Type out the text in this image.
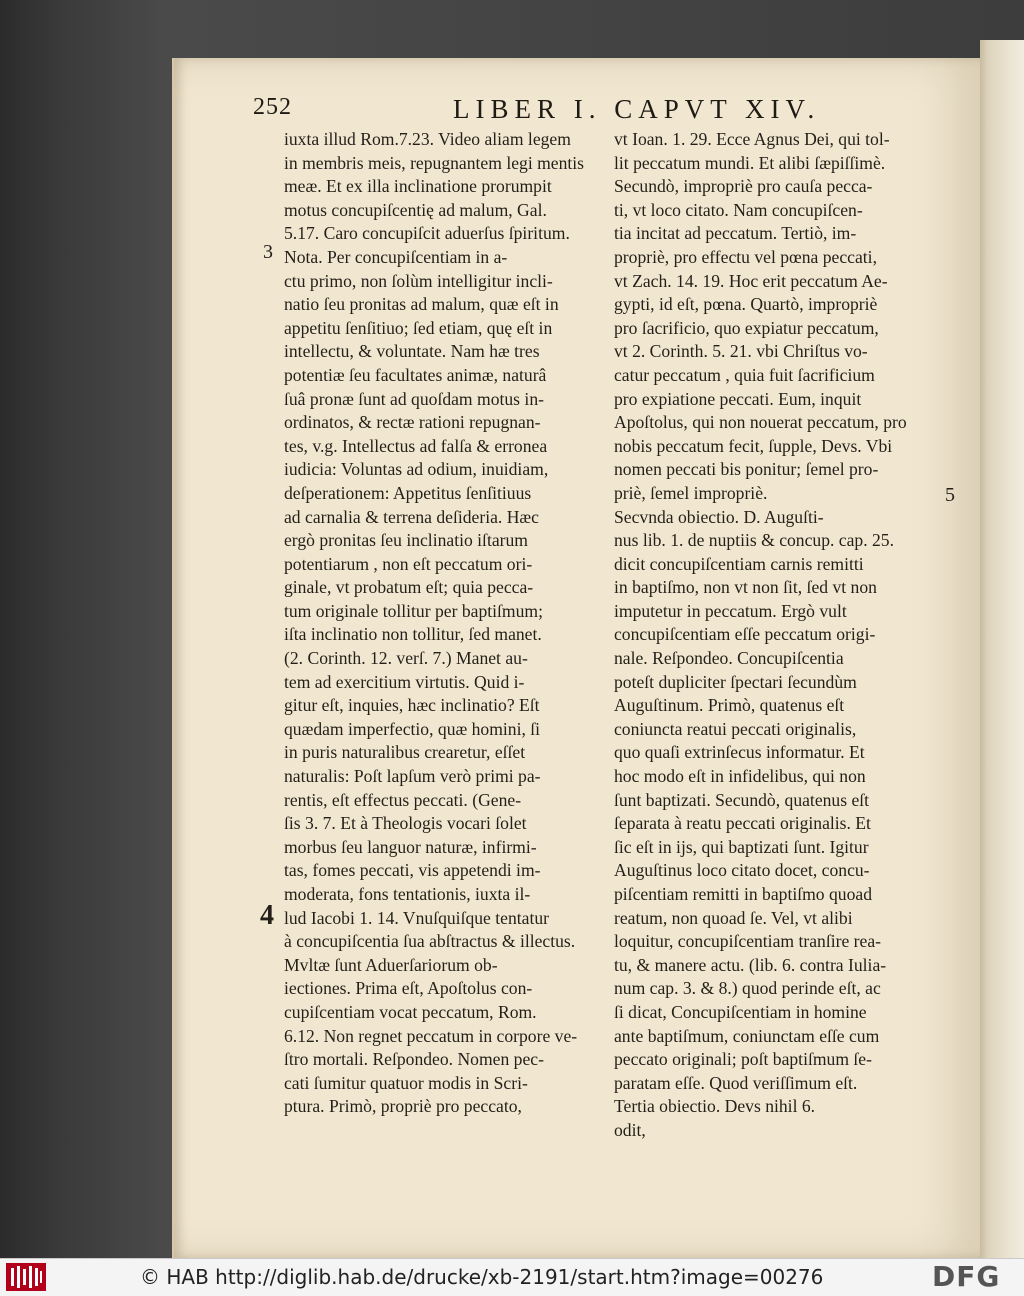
252	LIBER I. CAPVT XIV.
3
4
5
iuxta illud Rom.7.23. Video aliam legem
in membris meis, repugnantem legi mentis
meæ. Et ex illa inclinatione prorumpit
motus concupiſcentię ad malum, Gal.
5.17. Caro concupiſcit aduerſus ſpiritum.
Nota. Per concupiſcentiam in a-
ctu primo, non ſolùm intelligitur incli-
natio ſeu pronitas ad malum, quæ eſt in
appetitu ſenſitiuo; ſed etiam, quę eſt in
intellectu, & voluntate. Nam hæ tres
potentiæ ſeu facultates animæ, naturâ
ſuâ pronæ ſunt ad quoſdam motus in-
ordinatos, & rectæ rationi repugnan-
tes, v.g. Intellectus ad falſa & erronea
iudicia: Voluntas ad odium, inuidiam,
deſperationem: Appetitus ſenſitiuus
ad carnalia & terrena deſideria. Hæc
ergò pronitas ſeu inclinatio iſtarum
potentiarum , non eſt peccatum ori-
ginale, vt probatum eſt; quia pecca-
tum originale tollitur per baptiſmum;
iſta inclinatio non tollitur, ſed manet.
(2. Corinth. 12. verſ. 7.) Manet au-
tem ad exercitium virtutis. Quid i-
gitur eſt, inquies, hæc inclinatio? Eſt
quædam imperfectio, quæ homini, ſi
in puris naturalibus crearetur, eſſet
naturalis: Poſt lapſum verò primi pa-
rentis, eſt effectus peccati. (Gene-
ſis 3. 7. Et à Theologis vocari ſolet
morbus ſeu languor naturæ, infirmi-
tas, fomes peccati, vis appetendi im-
moderata, fons tentationis, iuxta il-
lud Iacobi 1. 14. Vnuſquiſque tentatur
à concupiſcentia ſua abſtractus & illectus.
Mvltæ ſunt Aduerſariorum ob-
iectiones. Prima eſt, Apoſtolus con-
cupiſcentiam vocat peccatum, Rom.
6.12. Non regnet peccatum in corpore ve-
ſtro mortali. Reſpondeo. Nomen pec-
cati ſumitur quatuor modis in Scri-
ptura. Primò, propriè pro peccato,
vt Ioan. 1. 29. Ecce Agnus Dei, qui tol-
lit peccatum mundi. Et alibi ſæpiſſimè.
Secundò, impropriè pro cauſa pecca-
ti, vt loco citato. Nam concupiſcen-
tia incitat ad peccatum. Tertiò, im-
propriè, pro effectu vel pœna peccati,
vt Zach. 14. 19. Hoc erit peccatum Ae-
gypti, id eſt, pœna. Quartò, impropriè
pro ſacrificio, quo expiatur peccatum,
vt 2. Corinth. 5. 21. vbi Chriſtus vo-
catur peccatum , quia fuit ſacrificium
pro expiatione peccati. Eum, inquit
Apoſtolus, qui non nouerat peccatum, pro
nobis peccatum fecit, ſupple, Devs. Vbi
nomen peccati bis ponitur; ſemel pro-
priè, ſemel impropriè.
Secvnda obiectio. D. Auguſti-
nus lib. 1. de nuptiis & concup. cap. 25.
dicit concupiſcentiam carnis remitti
in baptiſmo, non vt non ſit, ſed vt non
imputetur in peccatum. Ergò vult
concupiſcentiam eſſe peccatum origi-
nale. Reſpondeo. Concupiſcentia
poteſt dupliciter ſpectari ſecundùm
Auguſtinum. Primò, quatenus eſt
coniuncta reatui peccati originalis,
quo quaſi extrinſecus informatur. Et
hoc modo eſt in infidelibus, qui non
ſunt baptizati. Secundò, quatenus eſt
ſeparata à reatu peccati originalis. Et
ſic eſt in ijs, qui baptizati ſunt. Igitur
Auguſtinus loco citato docet, concu-
piſcentiam remitti in baptiſmo quoad
reatum, non quoad ſe. Vel, vt alibi
loquitur, concupiſcentiam tranſire rea-
tu, & manere actu. (lib. 6. contra Iulia-
num cap. 3. & 8.) quod perinde eſt, ac
ſi dicat, Concupiſcentiam in homine
ante baptiſmum, coniunctam eſſe cum
peccato originali; poſt baptiſmum ſe-
paratam eſſe. Quod veriſſimum eſt.
Tertia obiectio. Devs nihil 6.
odit,
© HAB http://diglib.hab.de/drucke/xb-2191/start.htm?image=00276	DFG
